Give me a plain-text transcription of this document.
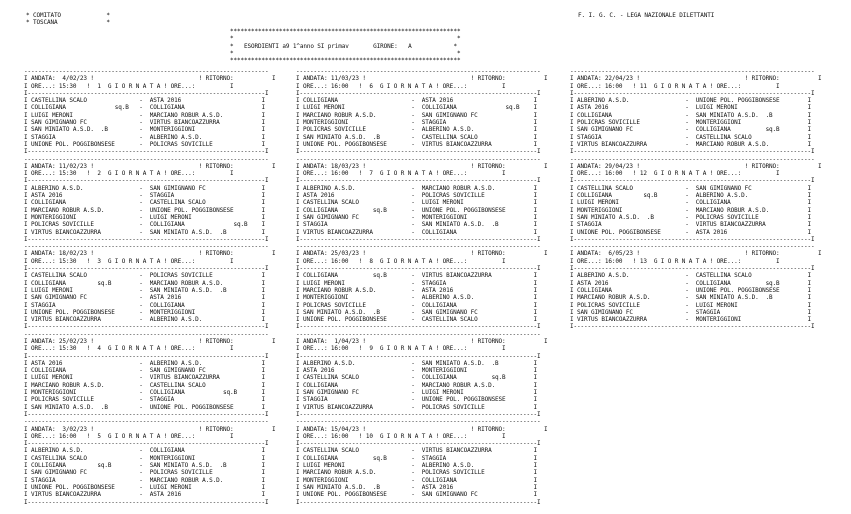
* COMITATO             *
* TOSCANA              *
F. I. G. C. - LEGA NAZIONALE DILETTANTI
******************************************************************
*                                                                *
*   ESORDIENTI a9 1^anno SI primav       GIRONE:   A            *
*                                                                *
******************************************************************
----------------------------------------------------------------------
I ANDATA:  4/02/23 !                              ! RITORNO:           I
I ORE...: 15:30   !  1  G I O R N A T A ! ORE...:          I
I--------------------------------------------------------------------I
I CASTELLINA SCALO               -  ASTA 2016                       I
I COLLIGIANA              sq.B   -  COLLIGIANA                      I
I LUIGI MERONI                   -  MARCIANO ROBUR A.S.D.           I
I SAN GIMIGNANO FC               -  VIRTUS BIANCOAZZURRA            I
I SAN MINIATO A.S.D.  .B         -  MONTERIGGIONI                   I
I STAGGIA                        -  ALBERINO A.S.D.                 I
I UNIONE POL. POGGIBONSESE       -  POLICRAS SOVICILLE              I
I--------------------------------------------------------------------I
----------------------------------------------------------------------
I ANDATA: 11/02/23 !                              ! RITORNO:           I
I ORE...: 15:30   !  2  G I O R N A T A ! ORE...:          I
I--------------------------------------------------------------------I
I ALBERINO A.S.D.                -  SAN GIMIGNANO FC                I
I ASTA 2016                      -  STAGGIA                         I
I COLLIGIANA                     -  CASTELLINA SCALO                I
I MARCIANO ROBUR A.S.D.          -  UNIONE POL. POGGIBONSESE        I
I MONTERIGGIONI                  -  LUIGI MERONI                    I
I POLICRAS SOVICILLE             -  COLLIGIANA              sq.B    I
I VIRTUS BIANCOAZZURRA           -  SAN MINIATO A.S.D.  .B          I
I--------------------------------------------------------------------I
----------------------------------------------------------------------
I ANDATA: 18/02/23 !                              ! RITORNO:           I
I ORE...: 15:30   !  3  G I O R N A T A ! ORE...:          I
I--------------------------------------------------------------------I
I CASTELLINA SCALO               -  POLICRAS SOVICILLE              I
I COLLIGIANA         sq.B        -  MARCIANO ROBUR A.S.D.           I
I LUIGI MERONI                   -  SAN MINIATO A.S.D.  .B          I
I SAN GIMIGNANO FC               -  ASTA 2016                       I
I STAGGIA                        -  COLLIGIANA                      I
I UNIONE POL. POGGIBONSESE       -  MONTERIGGIONI                   I
I VIRTUS BIANCOAZZURRA           -  ALBERINO A.S.D.                 I
I--------------------------------------------------------------------I
----------------------------------------------------------------------
I ANDATA: 25/02/23 !                              ! RITORNO:           I
I ORE...: 15:30   !  4  G I O R N A T A ! ORE...:          I
I--------------------------------------------------------------------I
I ASTA 2016                      -  ALBERINO A.S.D.                 I
I COLLIGIANA                     -  SAN GIMIGNANO FC                I
I LUIGI MERONI                   -  VIRTUS BIANCOAZZURRA            I
I MARCIANO ROBUR A.S.D.          -  CASTELLINA SCALO                I
I MONTERIGGIONI                  -  COLLIGIANA           sq.B       I
I POLICRAS SOVICILLE             -  STAGGIA                         I
I SAN MINIATO A.S.D.  .B         -  UNIONE POL. POGGIBONSESE        I
I--------------------------------------------------------------------I
----------------------------------------------------------------------
I ANDATA:  3/02/23 !                              ! RITORNO:           I
I ORE...: 16:00   !  5  G I O R N A T A ! ORE...:          I
I--------------------------------------------------------------------I
I ALBERINO A.S.D.                -  COLLIGIANA                      I
I CASTELLINA SCALO               -  MONTERIGGIONI                   I
I COLLIGIANA         sq.B        -  SAN MINIATO A.S.D.  .B          I
I SAN GIMIGNANO FC               -  POLICRAS SOVICILLE              I
I STAGGIA                        -  MARCIANO ROBUR A.S.D.           I
I UNIONE POL. POGGIBONSESE       -  LUIGI MERONI                    I
I VIRTUS BIANCOAZZURRA           -  ASTA 2016                       I
I--------------------------------------------------------------------I
----------------------------------------------------------------------
I ANDATA: 11/03/23 !                              ! RITORNO:           I
I ORE...: 16:00   !  6  G I O R N A T A ! ORE...:          I
I--------------------------------------------------------------------I
I COLLIGIANA                     -  ASTA 2016                       I
I LUIGI MERONI                   -  COLLIGIANA              sq.B    I
I MARCIANO ROBUR A.S.D.          -  SAN GIMIGNANO FC                I
I MONTERIGGIONI                  -  STAGGIA                         I
I POLICRAS SOVICILLE             -  ALBERINO A.S.D.                 I
I SAN MINIATO A.S.D.  .B         -  CASTELLINA SCALO                I
I UNIONE POL. POGGIBONSESE       -  VIRTUS BIANCOAZZURRA            I
I--------------------------------------------------------------------I
----------------------------------------------------------------------
I ANDATA: 18/03/23 !                              ! RITORNO:           I
I ORE...: 16:00   !  7  G I O R N A T A ! ORE...:          I
I--------------------------------------------------------------------I
I ALBERINO A.S.D.                -  MARCIANO ROBUR A.S.D.           I
I ASTA 2016                      -  POLICRAS SOVICILLE              I
I CASTELLINA SCALO               -  LUIGI MERONI                    I
I COLLIGIANA          sq.B       -  UNIONE POL. POGGIBONSESE        I
I SAN GIMIGNANO FC               -  MONTERIGGIONI                   I
I STAGGIA                        -  SAN MINIATO A.S.D.  .B          I
I VIRTUS BIANCOAZZURRA           -  COLLIGIANA                      I
I--------------------------------------------------------------------I
----------------------------------------------------------------------
I ANDATA: 25/03/23 !                              ! RITORNO:           I
I ORE...: 16:00   !  8  G I O R N A T A ! ORE...:          I
I--------------------------------------------------------------------I
I COLLIGIANA          sq.B       -  VIRTUS BIANCOAZZURRA            I
I LUIGI MERONI                   -  STAGGIA                         I
I MARCIANO ROBUR A.S.D.          -  ASTA 2016                       I
I MONTERIGGIONI                  -  ALBERINO A.S.D.                 I
I POLICRAS SOVICILLE             -  COLLIGIANA                      I
I SAN MINIATO A.S.D.  .B         -  SAN GIMIGNANO FC                I
I UNIONE POL. POGGIBONSESE       -  CASTELLINA SCALO                I
I--------------------------------------------------------------------I
----------------------------------------------------------------------
I ANDATA:  1/04/23 !                              ! RITORNO:           I
I ORE...: 16:00   !  9  G I O R N A T A ! ORE...:          I
I--------------------------------------------------------------------I
I ALBERINO A.S.D.                -  SAN MINIATO A.S.D.  .B          I
I ASTA 2016                      -  MONTERIGGIONI                   I
I CASTELLINA SCALO               -  COLLIGIANA          sq.B        I
I COLLIGIANA                     -  MARCIANO ROBUR A.S.D.           I
I SAN GIMIGNANO FC               -  LUIGI MERONI                    I
I STAGGIA                        -  UNIONE POL. POGGIBONSESE        I
I VIRTUS BIANCOAZZURRA           -  POLICRAS SOVICILLE              I
I--------------------------------------------------------------------I
----------------------------------------------------------------------
I ANDATA: 15/04/23 !                              ! RITORNO:           I
I ORE...: 16:00   ! 10  G I O R N A T A ! ORE...:          I
I--------------------------------------------------------------------I
I CASTELLINA SCALO               -  VIRTUS BIANCOAZZURRA            I
I COLLIGIANA          sq.B       -  STAGGIA                         I
I LUIGI MERONI                   -  ALBERINO A.S.D.                 I
I MARCIANO ROBUR A.S.D.          -  POLICRAS SOVICILLE              I
I MONTERIGGIONI                  -  COLLIGIANA                      I
I SAN MINIATO A.S.D.  .B         -  ASTA 2016                       I
I UNIONE POL. POGGIBONSESE       -  SAN GIMIGNANO FC                I
I--------------------------------------------------------------------I
----------------------------------------------------------------------
I ANDATA: 22/04/23 !                              ! RITORNO:           I
I ORE...: 16:00   ! 11  G I O R N A T A ! ORE...:          I
I--------------------------------------------------------------------I
I ALBERINO A.S.D.                -  UNIONE POL. POGGIBONSESE        I
I ASTA 2016                      -  LUIGI MERONI                    I
I COLLIGIANA                     -  SAN MINIATO A.S.D.  .B          I
I POLICRAS SOVICILLE             -  MONTERIGGIONI                   I
I SAN GIMIGNANO FC               -  COLLIGIANA          sq.B        I
I STAGGIA                        -  CASTELLINA SCALO                I
I VIRTUS BIANCOAZZURRA           -  MARCIANO ROBUR A.S.D.           I
I--------------------------------------------------------------------I
----------------------------------------------------------------------
I ANDATA: 29/04/23 !                              ! RITORNO:           I
I ORE...: 16:00   ! 12  G I O R N A T A ! ORE...:          I
I--------------------------------------------------------------------I
I CASTELLINA SCALO               -  SAN GIMIGNANO FC                I
I COLLIGIANA         sq.B        -  ALBERINO A.S.D.                 I
I LUIGI MERONI                   -  COLLIGIANA                      I
I MONTERIGGIONI                  -  MARCIANO ROBUR A.S.D.           I
I SAN MINIATO A.S.D.  .B         -  POLICRAS SOVICILLE              I
I STAGGIA                        -  VIRTUS BIANCOAZZURRA            I
I UNIONE POL. POGGIBONSESE       -  ASTA 2016                       I
I--------------------------------------------------------------------I
----------------------------------------------------------------------
I ANDATA:  6/05/23 !                              ! RITORNO:           I
I ORE...: 16:00   ! 13  G I O R N A T A ! ORE...:          I
I--------------------------------------------------------------------I
I ALBERINO A.S.D.                -  CASTELLINA SCALO                I
I ASTA 2016                      -  COLLIGIANA          sq.B        I
I COLLIGIANA                     -  UNIONE POL. POGGIBONSESE        I
I MARCIANO ROBUR A.S.D.          -  SAN MINIATO A.S.D.  .B          I
I POLICRAS SOVICILLE             -  LUIGI MERONI                    I
I SAN GIMIGNANO FC               -  STAGGIA                         I
I VIRTUS BIANCOAZZURRA           -  MONTERIGGIONI                   I
I--------------------------------------------------------------------I
